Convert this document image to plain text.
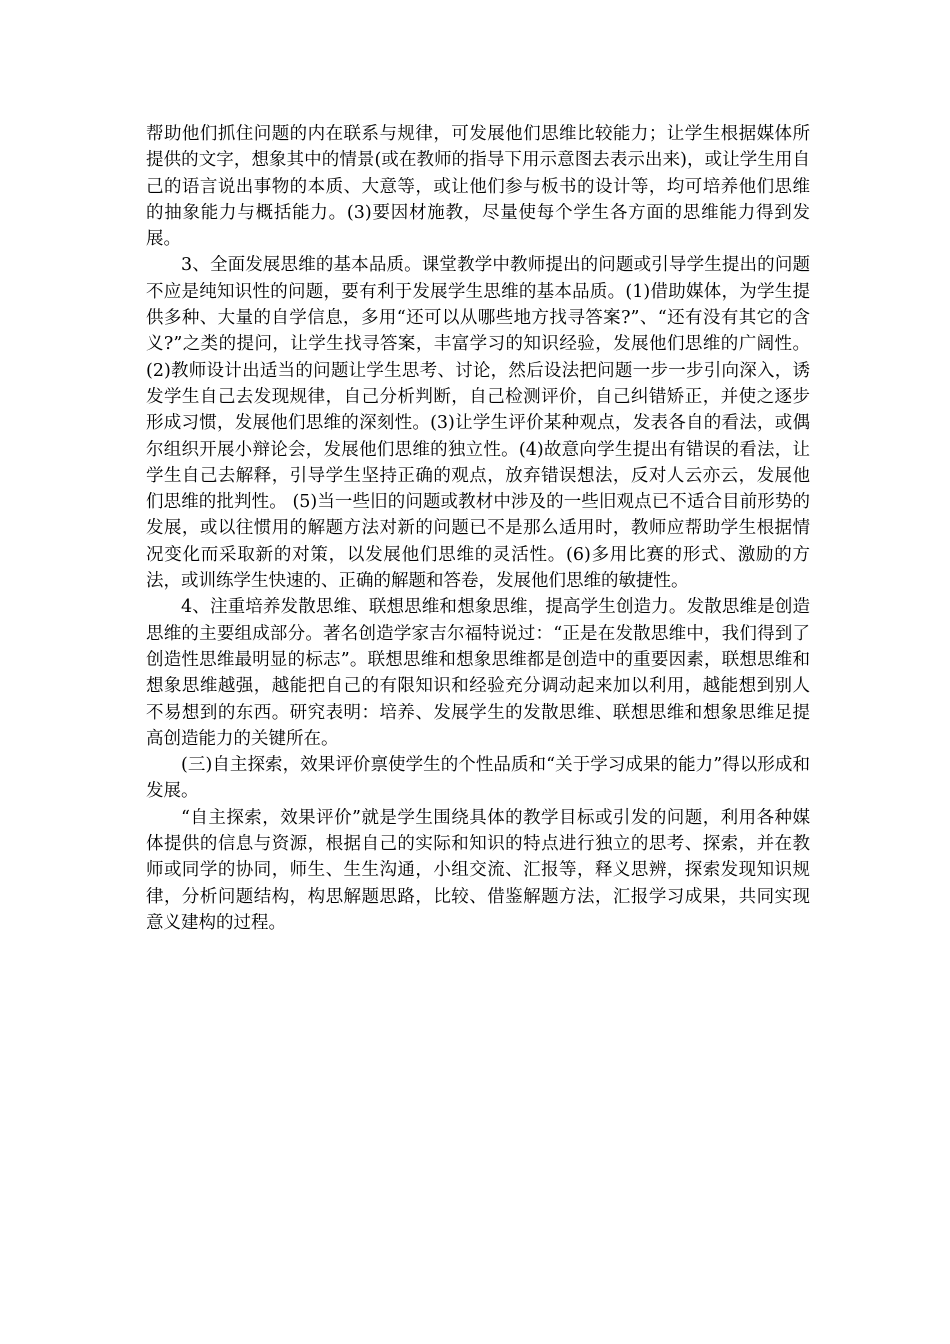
帮助他们抓住问题的内在联系与规律，可发展他们思维比较能力；让学生根据媒体所提供的文字，想象其中的情景(或在教师的指导下用示意图去表示出来)，或让学生用自己的语言说出事物的本质、大意等，或让他们参与板书的设计等，均可培养他们思维的抽象能力与概括能力。(3)要因材施教，尽量使每个学生各方面的思维能力得到发展。

3、全面发展思维的基本品质。课堂教学中教师提出的问题或引导学生提出的问题不应是纯知识性的问题，要有利于发展学生思维的基本品质。(1)借助媒体，为学生提供多种、大量的自学信息，多用“还可以从哪些地方找寻答案?”、“还有没有其它的含义?”之类的提问，让学生找寻答案，丰富学习的知识经验，发展他们思维的广阔性。(2)教师设计出适当的问题让学生思考、讨论，然后设法把问题一步一步引向深入，诱发学生自己去发现规律，自己分析判断，自己检测评价，自己纠错矫正，并使之逐步形成习惯，发展他们思维的深刻性。(3)让学生评价某种观点，发表各自的看法，或偶尔组织开展小辩论会，发展他们思维的独立性。(4)故意向学生提出有错误的看法，让学生自己去解释，引导学生坚持正确的观点，放弃错误想法，反对人云亦云，发展他们思维的批判性。 (5)当一些旧的问题或教材中涉及的一些旧观点已不适合目前形势的发展，或以往惯用的解题方法对新的问题已不是那么适用时，教师应帮助学生根据情况变化而采取新的对策，以发展他们思维的灵活性。(6)多用比赛的形式、激励的方法，或训练学生快速的、正确的解题和答卷，发展他们思维的敏捷性。

4、注重培养发散思维、联想思维和想象思维，提高学生创造力。发散思维是创造思维的主要组成部分。著名创造学家吉尔福特说过：“正是在发散思维中，我们得到了创造性思维最明显的标志”。联想思维和想象思维都是创造中的重要因素，联想思维和想象思维越强，越能把自己的有限知识和经验充分调动起来加以利用，越能想到别人不易想到的东西。研究表明：培养、发展学生的发散思维、联想思维和想象思维足提高创造能力的关键所在。

(三)自主探索，效果评价禀使学生的个性品质和“关于学习成果的能力”得以形成和发展。

“自主探索，效果评价”就是学生围绕具体的教学目标或引发的问题，利用各种媒体提供的信息与资源，根据自己的实际和知识的特点进行独立的思考、探索，并在教师或同学的协同，师生、生生沟通，小组交流、汇报等，释义思辨，探索发现知识规律，分析问题结构，构思解题思路，比较、借鉴解题方法，汇报学习成果，共同实现意义建构的过程。
